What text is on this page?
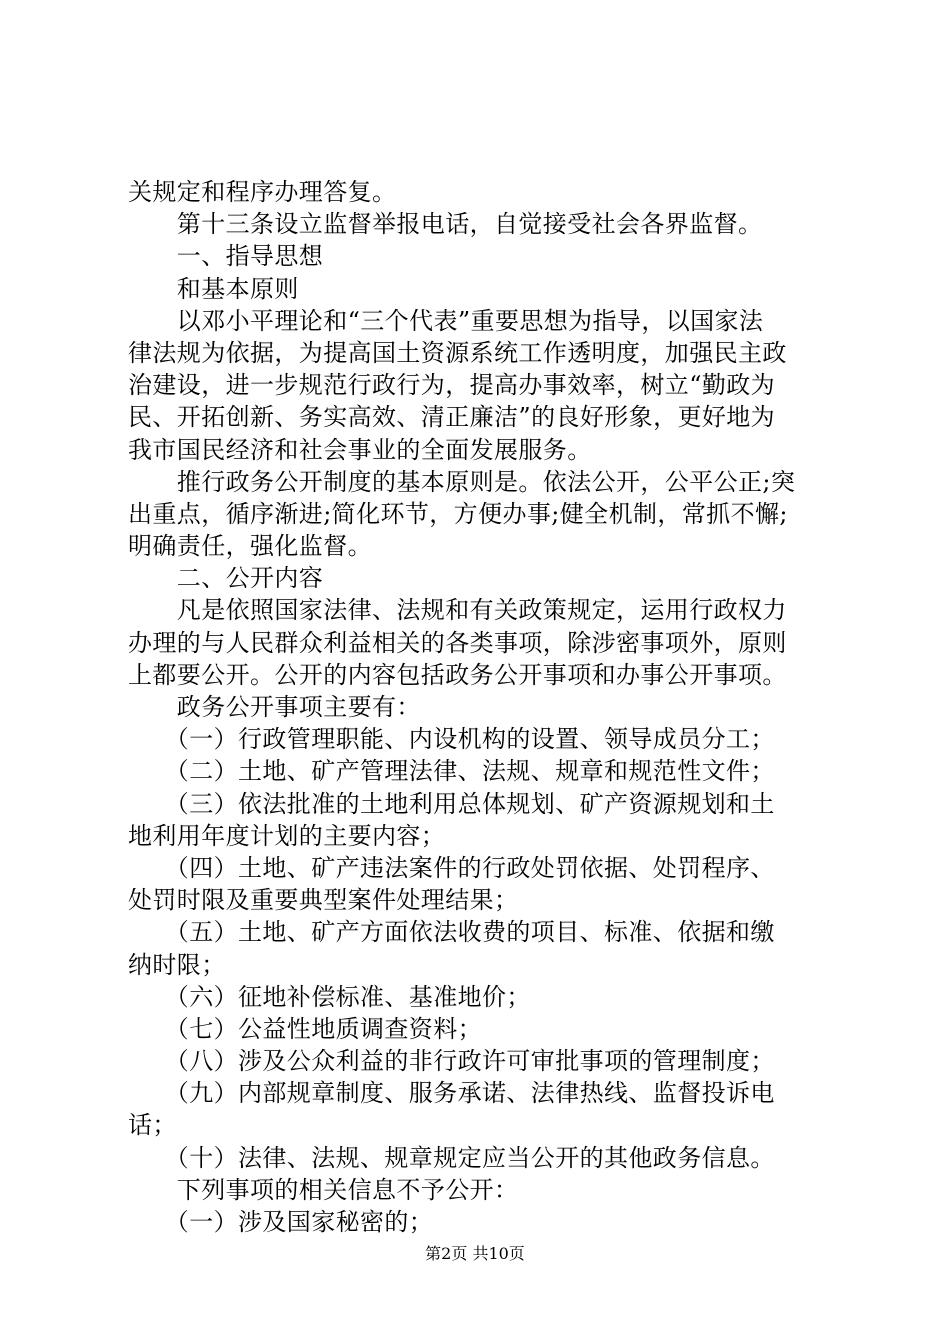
关规定和程序办理答复。
　　第十三条设立监督举报电话，自觉接受社会各界监督。
　　一、指导思想
　　和基本原则
　　以邓小平理论和“三个代表”重要思想为指导，以国家法
律法规为依据，为提高国土资源系统工作透明度，加强民主政
治建设，进一步规范行政行为，提高办事效率，树立“勤政为
民、开拓创新、务实高效、清正廉洁”的良好形象，更好地为
我市国民经济和社会事业的全面发展服务。
　　推行政务公开制度的基本原则是。依法公开，公平公正;突
出重点，循序渐进;简化环节，方便办事;健全机制，常抓不懈;
明确责任，强化监督。
　　二、公开内容
　　凡是依照国家法律、法规和有关政策规定，运用行政权力
办理的与人民群众利益相关的各类事项，除涉密事项外，原则
上都要公开。公开的内容包括政务公开事项和办事公开事项。
　　政务公开事项主要有：
　　（一）行政管理职能、内设机构的设置、领导成员分工；
　　（二）土地、矿产管理法律、法规、规章和规范性文件；
　　（三）依法批准的土地利用总体规划、矿产资源规划和土
地利用年度计划的主要内容；
　　（四）土地、矿产违法案件的行政处罚依据、处罚程序、
处罚时限及重要典型案件处理结果；
　　（五）土地、矿产方面依法收费的项目、标准、依据和缴
纳时限；
　　（六）征地补偿标准、基准地价；
　　（七）公益性地质调查资料；
　　（八）涉及公众利益的非行政许可审批事项的管理制度；
　　（九）内部规章制度、服务承诺、法律热线、监督投诉电
话；
　　（十）法律、法规、规章规定应当公开的其他政务信息。
　　下列事项的相关信息不予公开：
　　（一）涉及国家秘密的；
第2页 共10页
